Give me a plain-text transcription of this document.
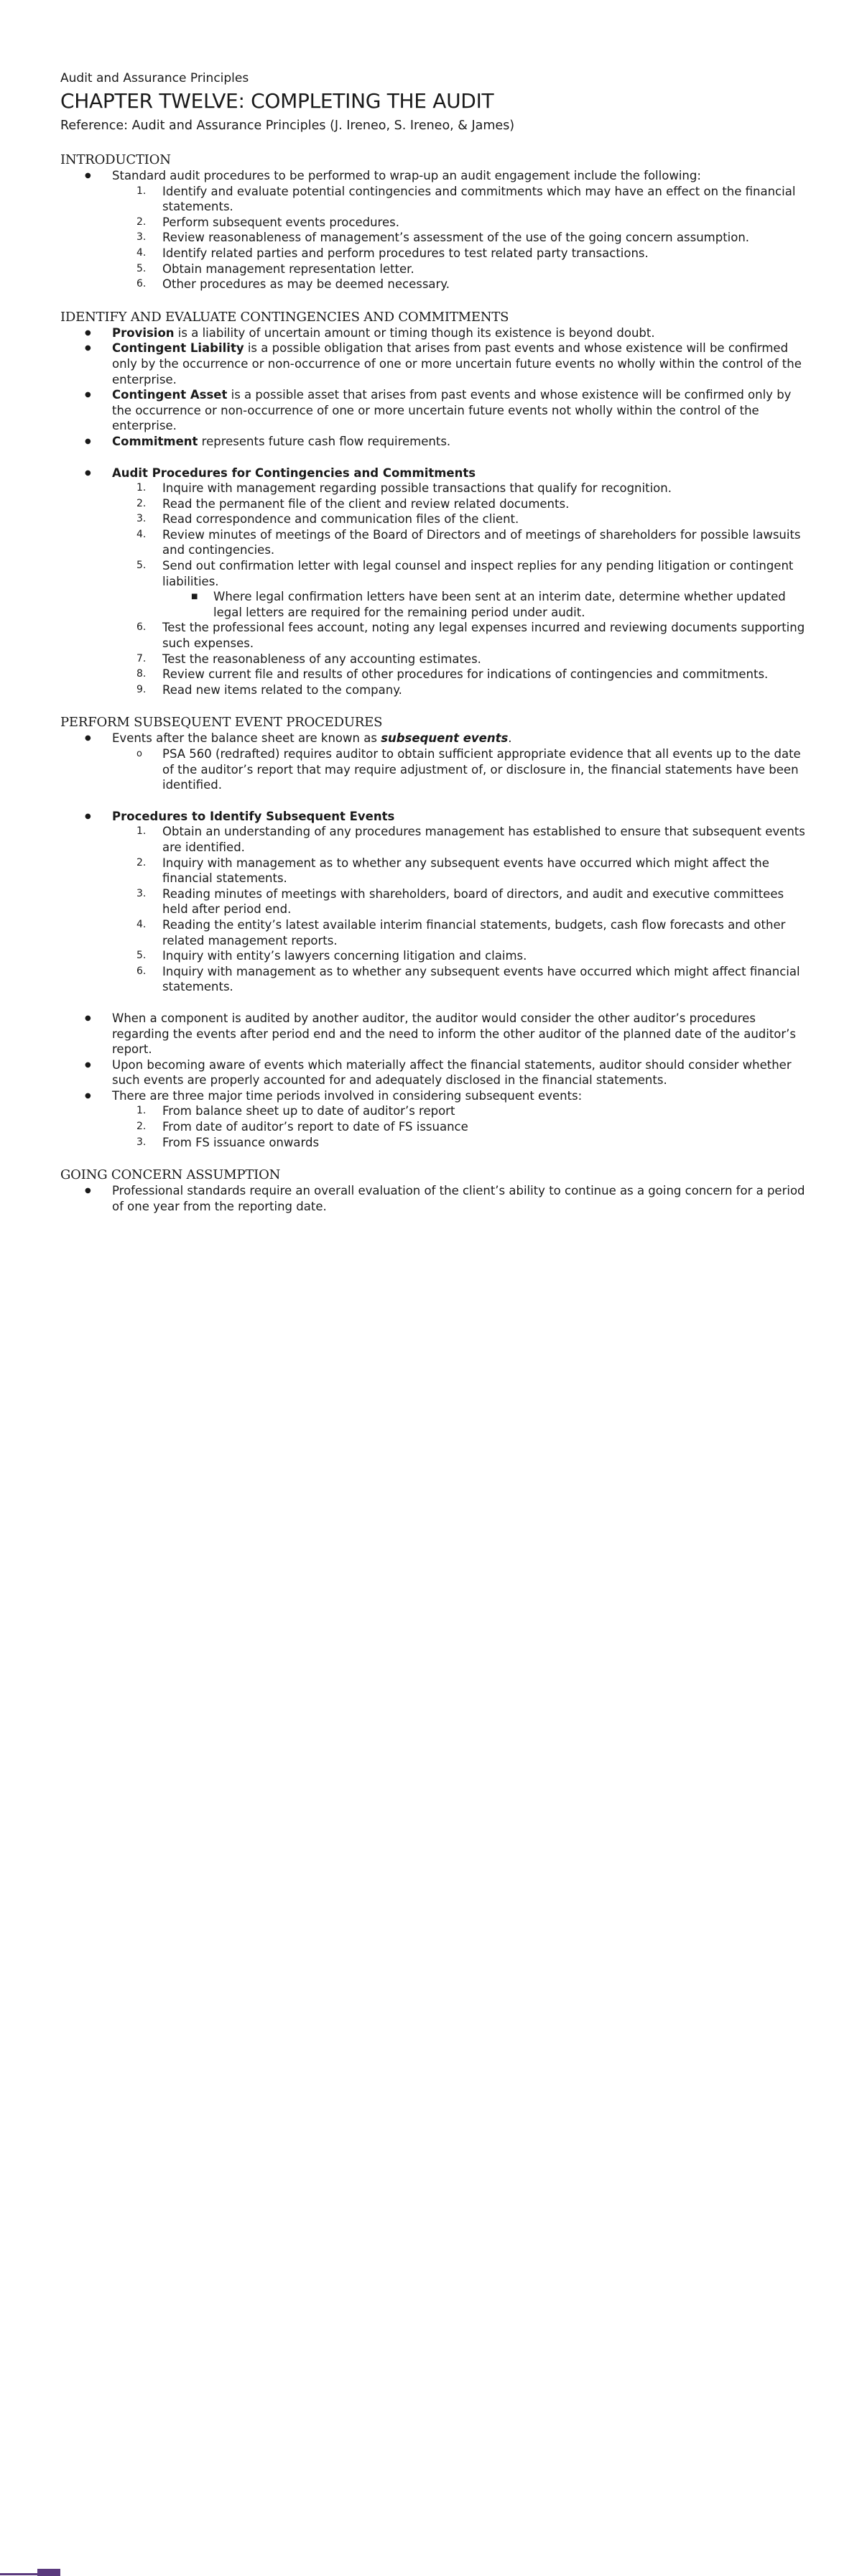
Audit and Assurance Principles
CHAPTER TWELVE: COMPLETING THE AUDIT
Reference: Audit and Assurance Principles (J. Ireneo, S. Ireneo, & James)
INTRODUCTION
● Standard audit procedures to be performed to wrap-up an audit engagement include the following:
1. Identify and evaluate potential contingencies and commitments which may have an effect on the financial statements.
2. Perform subsequent events procedures.
3. Review reasonableness of management’s assessment of the use of the going concern assumption.
4. Identify related parties and perform procedures to test related party transactions.
5. Obtain management representation letter.
6. Other procedures as may be deemed necessary.
IDENTIFY AND EVALUATE CONTINGENCIES AND COMMITMENTS
● Provision is a liability of uncertain amount or timing though its existence is beyond doubt.
● Contingent Liability is a possible obligation that arises from past events and whose existence will be confirmed only by the occurrence or non-occurrence of one or more uncertain future events no wholly within the control of the enterprise.
● Contingent Asset is a possible asset that arises from past events and whose existence will be confirmed only by the occurrence or non-occurrence of one or more uncertain future events not wholly within the control of the enterprise.
● Commitment represents future cash flow requirements.
● Audit Procedures for Contingencies and Commitments
1. Inquire with management regarding possible transactions that qualify for recognition.
2. Read the permanent file of the client and review related documents.
3. Read correspondence and communication files of the client.
4. Review minutes of meetings of the Board of Directors and of meetings of shareholders for possible lawsuits and contingencies.
5. Send out confirmation letter with legal counsel and inspect replies for any pending litigation or contingent liabilities.
■ Where legal confirmation letters have been sent at an interim date, determine whether updated legal letters are required for the remaining period under audit.
6. Test the professional fees account, noting any legal expenses incurred and reviewing documents supporting such expenses.
7. Test the reasonableness of any accounting estimates.
8. Review current file and results of other procedures for indications of contingencies and commitments.
9. Read new items related to the company.
PERFORM SUBSEQUENT EVENT PROCEDURES
● Events after the balance sheet are known as subsequent events.
o PSA 560 (redrafted) requires auditor to obtain sufficient appropriate evidence that all events up to the date of the auditor’s report that may require adjustment of, or disclosure in, the financial statements have been identified.
● Procedures to Identify Subsequent Events
1. Obtain an understanding of any procedures management has established to ensure that subsequent events are identified.
2. Inquiry with management as to whether any subsequent events have occurred which might affect the financial statements.
3. Reading minutes of meetings with shareholders, board of directors, and audit and executive committees held after period end.
4. Reading the entity’s latest available interim financial statements, budgets, cash flow forecasts and other related management reports.
5. Inquiry with entity’s lawyers concerning litigation and claims.
6. Inquiry with management as to whether any subsequent events have occurred which might affect financial statements.
● When a component is audited by another auditor, the auditor would consider the other auditor’s procedures regarding the events after period end and the need to inform the other auditor of the planned date of the auditor’s report.
● Upon becoming aware of events which materially affect the financial statements, auditor should consider whether such events are properly accounted for and adequately disclosed in the financial statements.
● There are three major time periods involved in considering subsequent events:
1. From balance sheet up to date of auditor’s report
2. From date of auditor’s report to date of FS issuance
3. From FS issuance onwards
GOING CONCERN ASSUMPTION
● Professional standards require an overall evaluation of the client’s ability to continue as a going concern for a period of one year from the reporting date.
